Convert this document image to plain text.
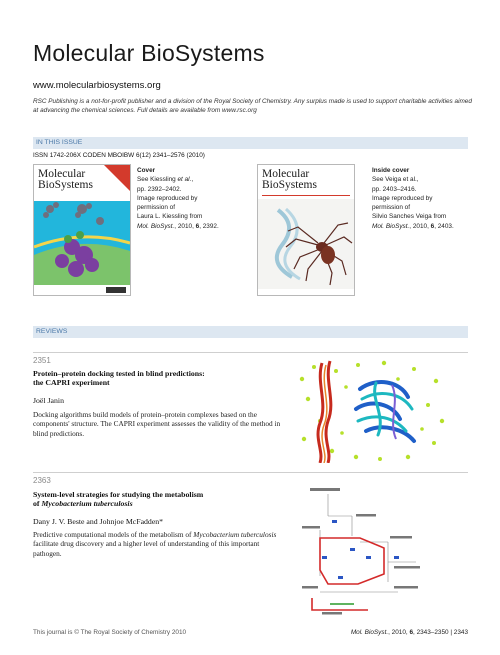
Molecular BioSystems
www.molecularbiosystems.org
RSC Publishing is a not-for-profit publisher and a division of the Royal Society of Chemistry. Any surplus made is used to support charitable activities aimed at advancing the chemical sciences. Full details are available from www.rsc.org
IN THIS ISSUE
ISSN 1742-206X CODEN MBOIBW 6(12) 2341–2576 (2010)
Molecular
BioSystems
Cover
See Kiessling et al.,
pp. 2392–2402.
Image reproduced by
permission of
Laura L. Kiessling from
Mol. BioSyst., 2010, 6, 2392.
Molecular
BioSystems
Inside cover
See Veiga et al.,
pp. 2403–2416.
Image reproduced by
permission of
Silvio Sanches Veiga from
Mol. BioSyst., 2010, 6, 2403.
REVIEWS
2351
Protein–protein docking tested in blind predictions:
the CAPRI experiment
Joël Janin
Docking algorithms build models of protein–protein complexes based on the components' structure. The CAPRI experiment assesses the validity of the method in blind predictions.
2363
System-level strategies for studying the metabolism
of Mycobacterium tuberculosis
Dany J. V. Beste and Johnjoe McFadden*
Predictive computational models of the metabolism of Mycobacterium tuberculosis facilitate drug discovery and a higher level of understanding of this important pathogen.
This journal is © The Royal Society of Chemistry 2010	Mol. BioSyst., 2010, 6, 2343–2350 | 2343
